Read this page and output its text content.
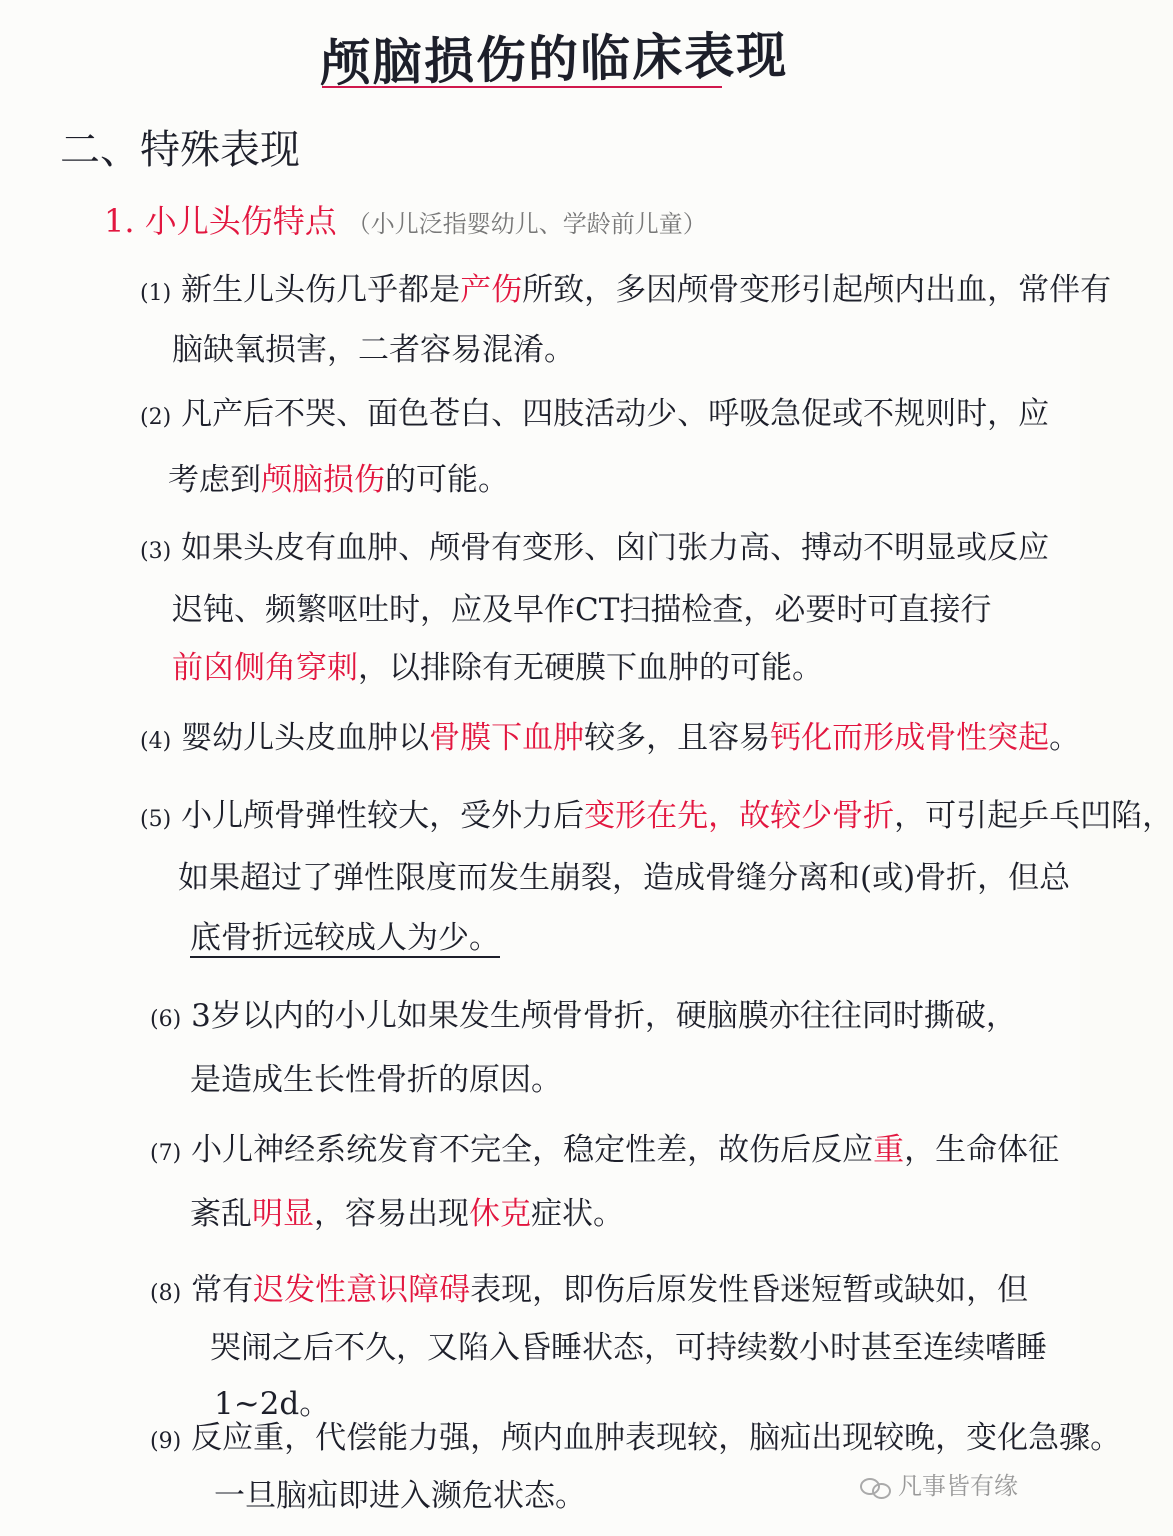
颅脑损伤的临床表现
二、特殊表现
1. 小儿头伤特点 （小儿泛指婴幼儿、学龄前儿童）
(1) 新生儿头伤几乎都是产伤所致，多因颅骨变形引起颅内出血，常伴有
脑缺氧损害，二者容易混淆。
(2) 凡产后不哭、面色苍白、四肢活动少、呼吸急促或不规则时，应
考虑到颅脑损伤的可能。
(3) 如果头皮有血肿、颅骨有变形、囟门张力高、搏动不明显或反应
迟钝、频繁呕吐时，应及早作CT扫描检查，必要时可直接行
前囟侧角穿刺，以排除有无硬膜下血肿的可能。
(4) 婴幼儿头皮血肿以骨膜下血肿较多，且容易钙化而形成骨性突起。
(5) 小儿颅骨弹性较大，受外力后变形在先，故较少骨折，可引起乒乓凹陷，
如果超过了弹性限度而发生崩裂，造成骨缝分离和(或)骨折，但总
底骨折远较成人为少。
(6) 3岁以内的小儿如果发生颅骨骨折，硬脑膜亦往往同时撕破，
是造成生长性骨折的原因。
(7) 小儿神经系统发育不完全，稳定性差，故伤后反应重，生命体征
紊乱明显，容易出现休克症状。
(8) 常有迟发性意识障碍表现，即伤后原发性昏迷短暂或缺如，但
哭闹之后不久，又陷入昏睡状态，可持续数小时甚至连续嗜睡
1~2d。
(9) 反应重，代偿能力强，颅内血肿表现较，脑疝出现较晚，变化急骤。
一旦脑疝即进入濒危状态。	凡事皆有缘
